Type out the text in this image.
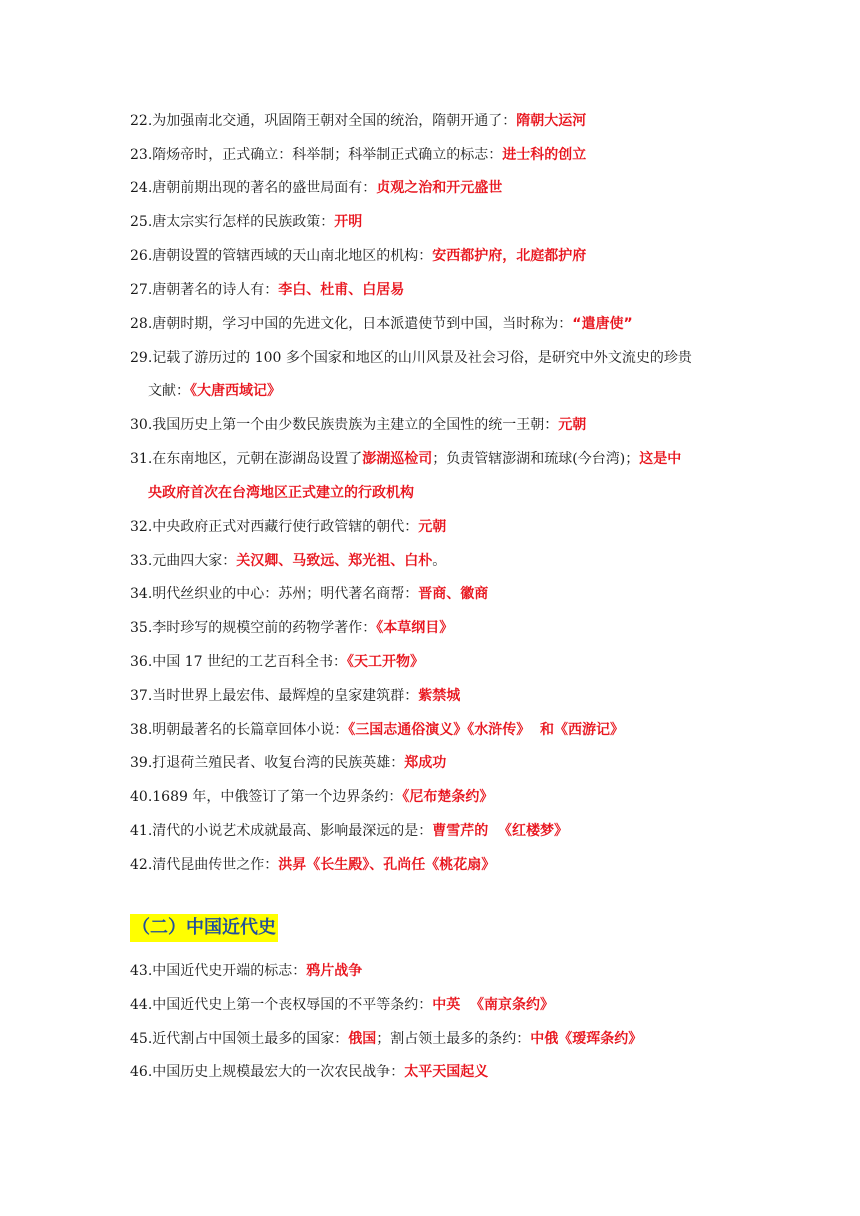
22.为加强南北交通，巩固隋王朝对全国的统治，隋朝开通了：隋朝大运河
23.隋炀帝时，正式确立：科举制；科举制正式确立的标志：进士科的创立
24.唐朝前期出现的著名的盛世局面有：贞观之治和开元盛世
25.唐太宗实行怎样的民族政策：开明
26.唐朝设置的管辖西域的天山南北地区的机构：安西都护府，北庭都护府
27.唐朝著名的诗人有：李白、杜甫、白居易
28.唐朝时期，学习中国的先进文化，日本派遣使节到中国，当时称为：“遣唐使”
29.记载了游历过的 100 多个国家和地区的山川风景及社会习俗，是研究中外文流史的珍贵
文献：《大唐西域记》
30.我国历史上第一个由少数民族贵族为主建立的全国性的统一王朝：元朝
31.在东南地区，元朝在澎湖岛设置了澎湖巡检司；负责管辖澎湖和琉球(今台湾)；这是中
央政府首次在台湾地区正式建立的行政机构
32.中央政府正式对西藏行使行政管辖的朝代：元朝
33.元曲四大家：关汉卿、马致远、郑光祖、白朴。
34.明代丝织业的中心：苏州；明代著名商帮：晋商、徽商
35.李时珍写的规模空前的药物学著作：《本草纲目》
36.中国 17 世纪的工艺百科全书：《天工开物》
37.当时世界上最宏伟、最辉煌的皇家建筑群：紫禁城
38.明朝最著名的长篇章回体小说：《三国志通俗演义》《水浒传》  和《西游记》
39.打退荷兰殖民者、收复台湾的民族英雄：郑成功
40.1689 年，中俄签订了第一个边界条约：《尼布楚条约》
41.清代的小说艺术成就最高、影响最深远的是：曹雪芹的  《红楼梦》
42.清代昆曲传世之作：洪昇《长生殿》、孔尚任《桃花扇》
（二）中国近代史
43.中国近代史开端的标志：鸦片战争
44.中国近代史上第一个丧权辱国的不平等条约：中英  《南京条约》
45.近代割占中国领土最多的国家：俄国；割占领土最多的条约：中俄《瑷珲条约》
46.中国历史上规模最宏大的一次农民战争：太平天国起义
